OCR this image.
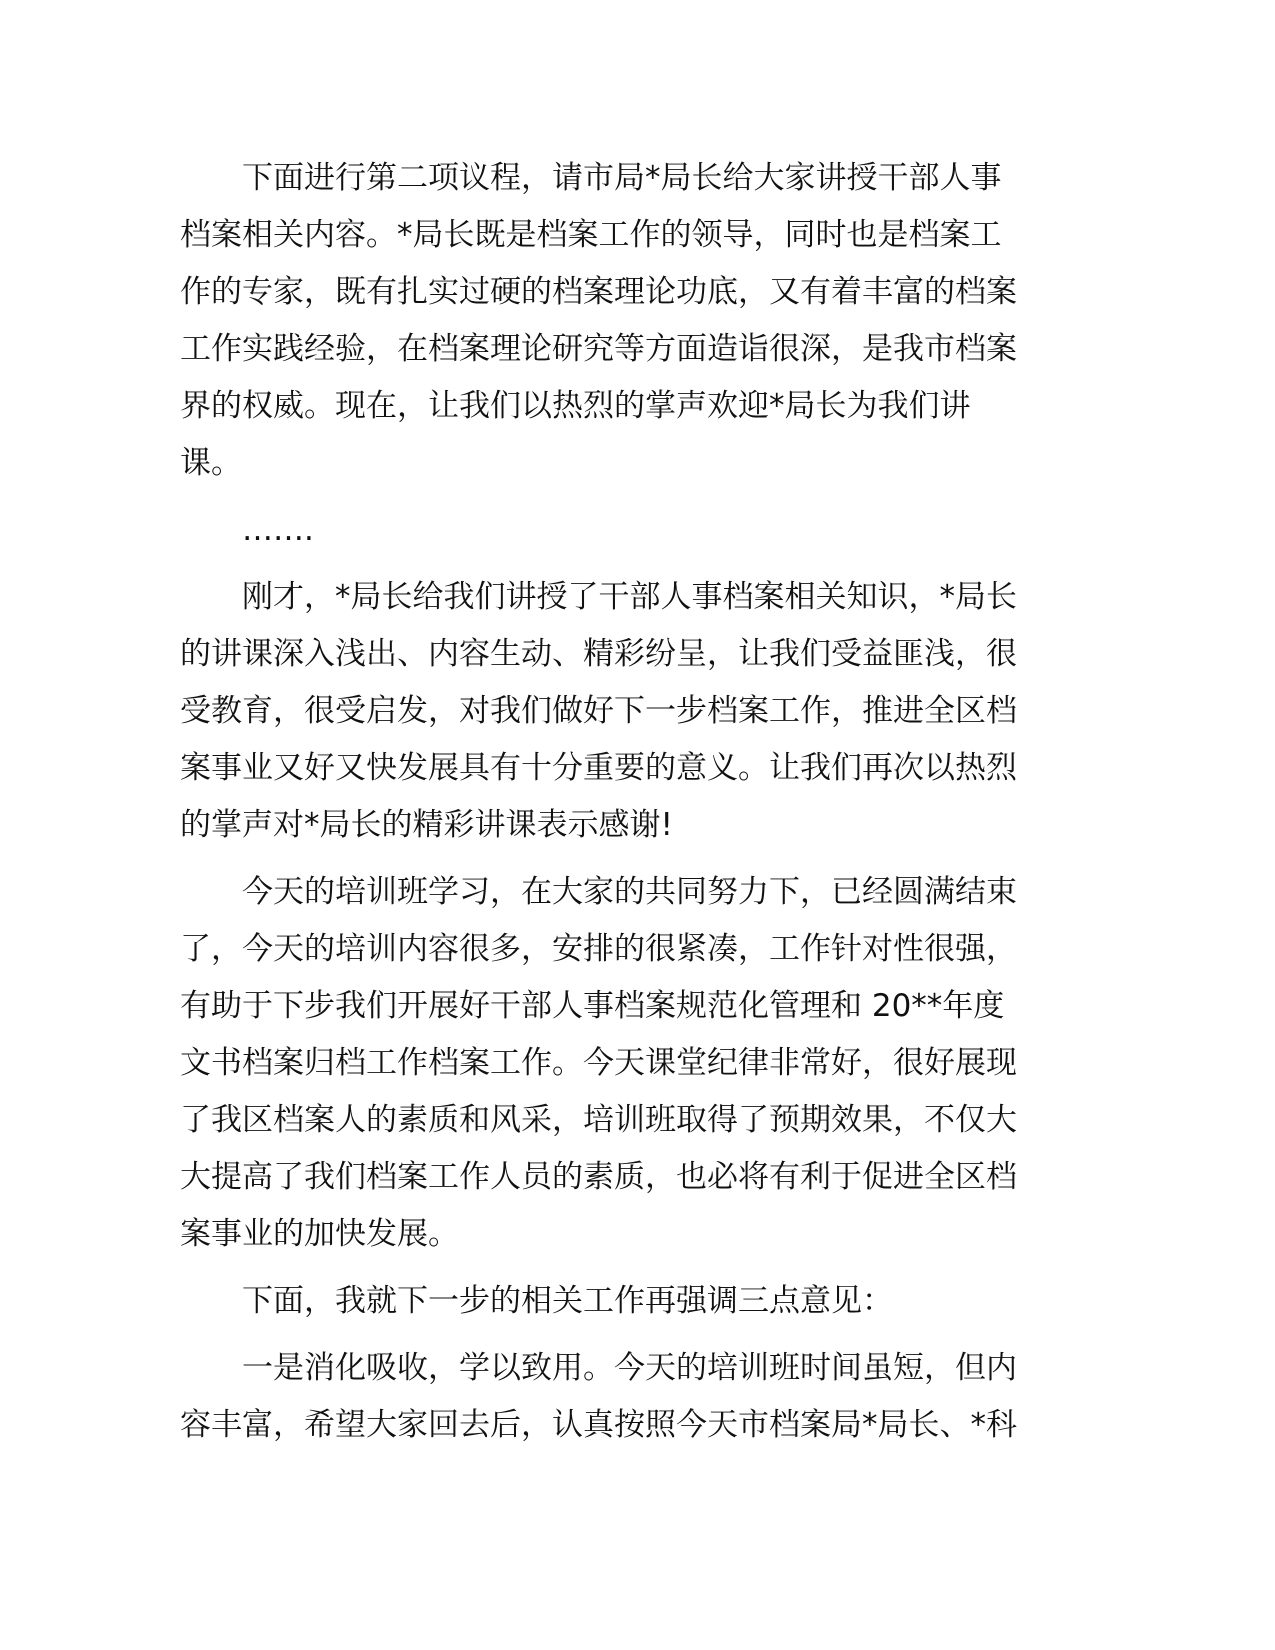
　　下面进行第二项议程，请市局*局长给大家讲授干部人事
档案相关内容。*局长既是档案工作的领导，同时也是档案工
作的专家，既有扎实过硬的档案理论功底，又有着丰富的档案
工作实践经验，在档案理论研究等方面造诣很深，是我市档案
界的权威。现在，让我们以热烈的掌声欢迎*局长为我们讲
课。
　　…….
　　刚才，*局长给我们讲授了干部人事档案相关知识，*局长
的讲课深入浅出、内容生动、精彩纷呈，让我们受益匪浅，很
受教育，很受启发，对我们做好下一步档案工作，推进全区档
案事业又好又快发展具有十分重要的意义。让我们再次以热烈
的掌声对*局长的精彩讲课表示感谢!
　　今天的培训班学习，在大家的共同努力下，已经圆满结束
了，今天的培训内容很多，安排的很紧凑，工作针对性很强，
有助于下步我们开展好干部人事档案规范化管理和 20**年度
文书档案归档工作档案工作。今天课堂纪律非常好，很好展现
了我区档案人的素质和风采，培训班取得了预期效果，不仅大
大提高了我们档案工作人员的素质，也必将有利于促进全区档
案事业的加快发展。
　　下面，我就下一步的相关工作再强调三点意见：
　　一是消化吸收，学以致用。今天的培训班时间虽短，但内
容丰富，希望大家回去后，认真按照今天市档案局*局长、*科
